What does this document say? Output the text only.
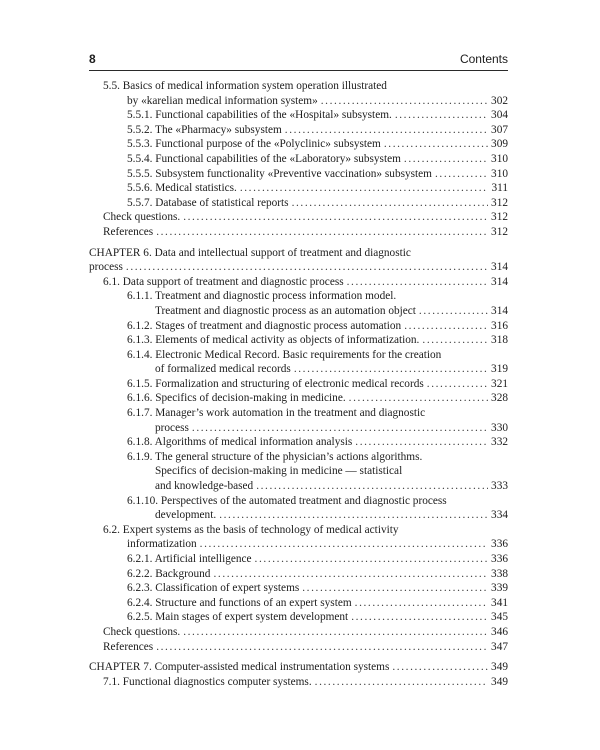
8	Contents
5.5. Basics of medical information system operation illustrated
by «karelian medical information system» .....	302
5.5.1. Functional capabilities of the «Hospital» subsystem. .....	304
5.5.2. The «Pharmacy» subsystem .....	307
5.5.3. Functional purpose of the «Polyclinic» subsystem .....	309
5.5.4. Functional capabilities of the «Laboratory» subsystem .....	310
5.5.5. Subsystem functionality «Preventive vaccination» subsystem .....	310
5.5.6. Medical statistics. .....	311
5.5.7. Database of statistical reports .....	312
Check questions. .....	312
References .....	312
CHAPTER 6. Data and intellectual support of treatment and diagnostic
process .....	314
6.1. Data support of treatment and diagnostic process .....	314
6.1.1. Treatment and diagnostic process information model.
Treatment and diagnostic process as an automation object .....	314
6.1.2. Stages of treatment and diagnostic process automation .....	316
6.1.3. Elements of medical activity as objects of informatization. .....	318
6.1.4. Electronic Medical Record. Basic requirements for the creation
of formalized medical records .....	319
6.1.5. Formalization and structuring of electronic medical records .....	321
6.1.6. Specifics of decision-making in medicine. .....	328
6.1.7. Manager’s work automation in the treatment and diagnostic
process .....	330
6.1.8. Algorithms of medical information analysis .....	332
6.1.9. The general structure of the physician’s actions algorithms.
Specifics of decision-making in medicine — statistical
and knowledge-based .....	333
6.1.10. Perspectives of the automated treatment and diagnostic process
development. .....	334
6.2. Expert systems as the basis of technology of medical activity
informatization .....	336
6.2.1. Artificial intelligence .....	336
6.2.2. Background .....	338
6.2.3. Classification of expert systems .....	339
6.2.4. Structure and functions of an expert system .....	341
6.2.5. Main stages of expert system development .....	345
Check questions. .....	346
References .....	347
CHAPTER 7. Computer-assisted medical instrumentation systems .....	349
7.1. Functional diagnostics computer systems. .....	349
